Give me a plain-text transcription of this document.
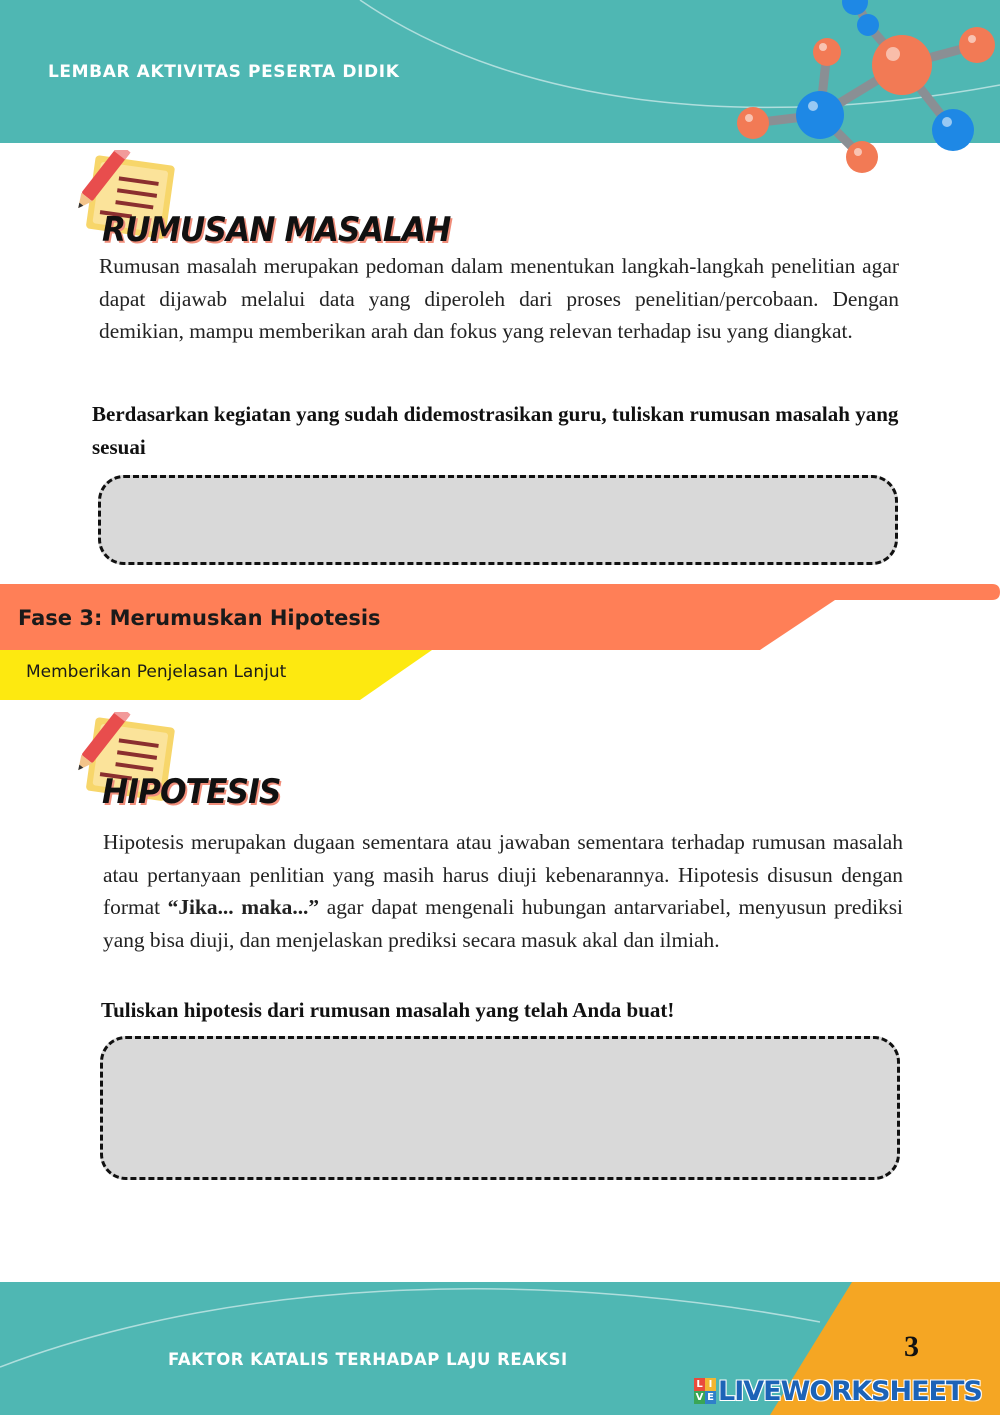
LEMBAR AKTIVITAS PESERTA DIDIK
RUMUSAN MASALAH
Rumusan masalah merupakan pedoman dalam menentukan langkah-langkah penelitian agar dapat dijawab melalui data yang diperoleh dari proses penelitian/percobaan. Dengan demikian, mampu memberikan arah dan fokus yang relevan terhadap isu yang diangkat.
Berdasarkan kegiatan yang sudah didemostrasikan guru, tuliskan rumusan masalah yang sesuai
Fase 3: Merumuskan Hipotesis
Memberikan Penjelasan Lanjut
HIPOTESIS
Hipotesis merupakan dugaan sementara atau jawaban sementara terhadap rumusan masalah atau pertanyaan penlitian yang masih harus diuji kebenarannya. Hipotesis disusun dengan format “Jika... maka...” agar dapat mengenali hubungan antarvariabel, menyusun prediksi yang bisa diuji, dan menjelaskan prediksi secara masuk akal dan ilmiah.
Tuliskan hipotesis dari rumusan masalah yang telah Anda buat!
FAKTOR KATALIS TERHADAP LAJU REAKSI	3
L I
V E LIVEWORKSHEETS
